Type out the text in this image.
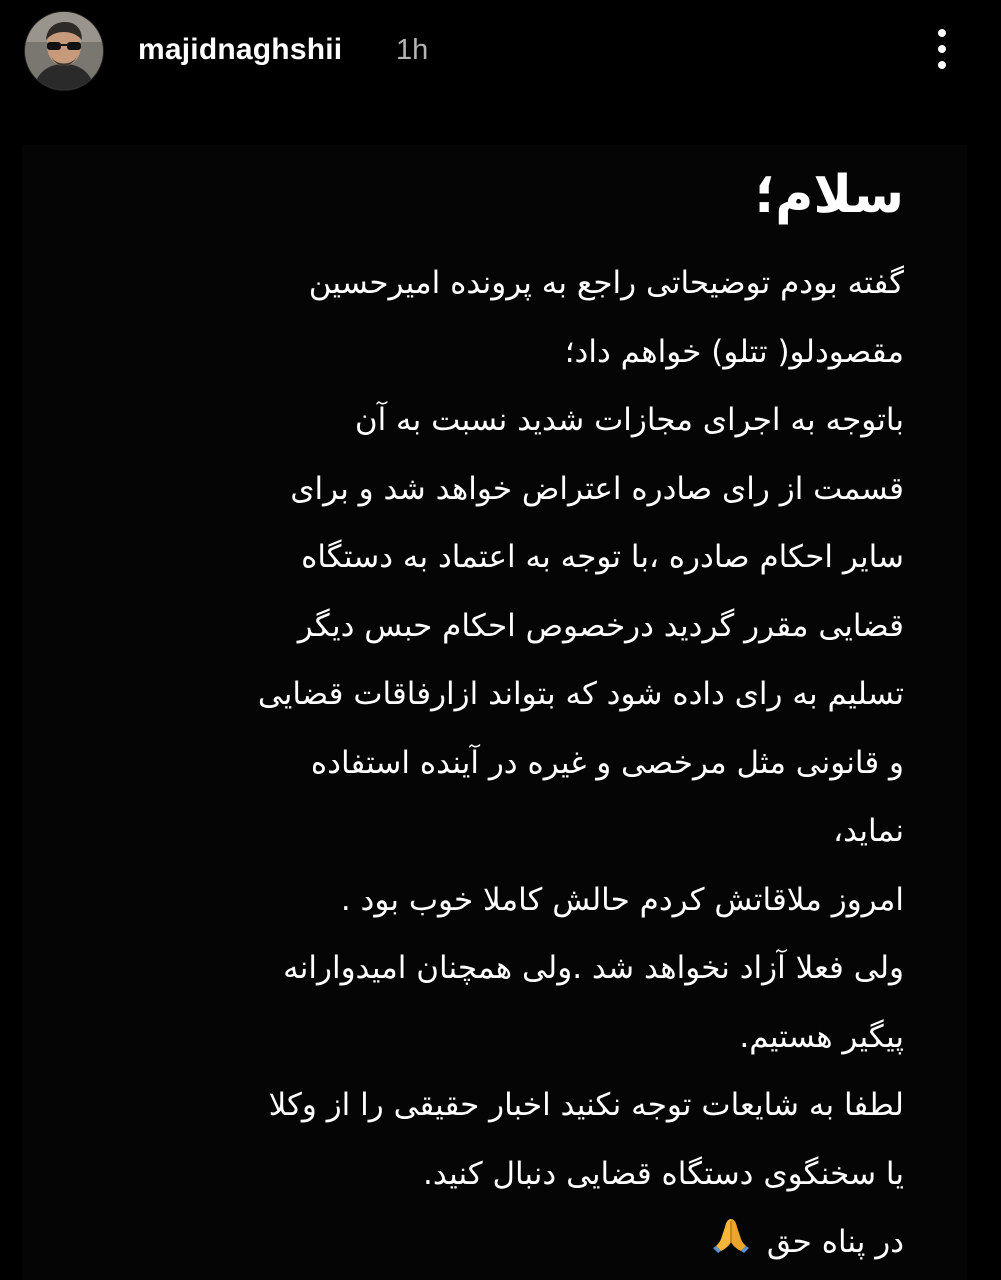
majidnaghshii 1h
سلام؛
گفته بودم توضیحاتی راجع به پرونده امیرحسین
مقصودلو( تتلو) خواهم داد؛
باتوجه به اجرای مجازات شدید نسبت به آن
قسمت از رای صادره اعتراض خواهد شد و برای
سایر احکام صادره ،با توجه به اعتماد به دستگاه
قضایی مقرر گردید درخصوص احکام حبس دیگر
تسلیم به رای داده شود که بتواند ازارفاقات قضایی
و قانونی مثل مرخصی و غیره در آینده استفاده
نماید،
امروز ملاقاتش کردم حالش کاملا خوب بود .
ولی فعلا آزاد نخواهد شد .ولی همچنان امیدوارانه
پیگیر هستیم.
لطفا به شایعات توجه نکنید اخبار حقیقی را از وکلا
یا سخنگوی دستگاه قضایی دنبال کنید.
در پناه حق
